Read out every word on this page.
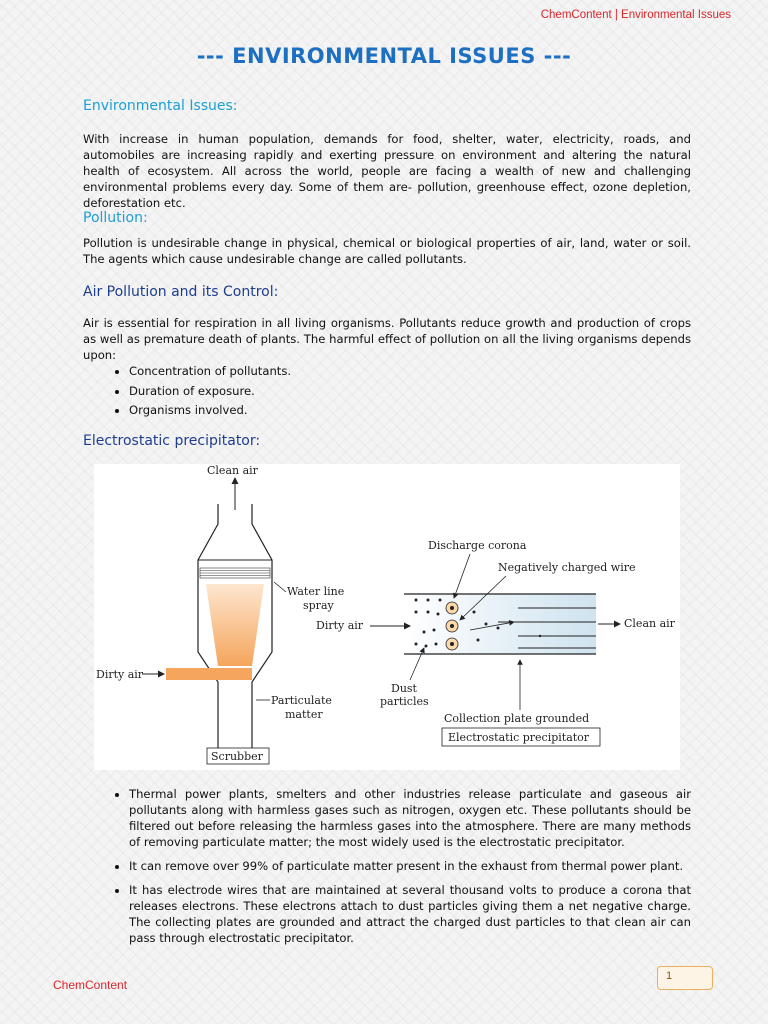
ChemContent | Environmental Issues
--- ENVIRONMENTAL ISSUES ---
Environmental Issues:
With increase in human population, demands for food, shelter, water, electricity, roads, and automobiles are increasing rapidly and exerting pressure on environment and altering the natural health of ecosystem. All across the world, people are facing a wealth of new and challenging environmental problems every day. Some of them are- pollution, greenhouse effect, ozone depletion, deforestation etc.
Pollution:
Pollution is undesirable change in physical, chemical or biological properties of air, land, water or soil. The agents which cause undesirable change are called pollutants.
Air Pollution and its Control:
Air is essential for respiration in all living organisms. Pollutants reduce growth and production of crops as well as premature death of plants. The harmful effect of pollution on all the living organisms depends upon:
• Concentration of pollutants.
• Duration of exposure.
• Organisms involved.
Electrostatic precipitator:
Clean air
Dirty air
Water line
spray
Particulate
matter
Scrubber
Clean air
Dirty air
Discharge corona
Negatively charged wire
Dust
particles
Collection plate grounded
Electrostatic precipitator
• Thermal power plants, smelters and other industries release particulate and gaseous air pollutants along with harmless gases such as nitrogen, oxygen etc. These pollutants should be filtered out before releasing the harmless gases into the atmosphere. There are many methods of removing particulate matter; the most widely used is the electrostatic precipitator.
• It can remove over 99% of particulate matter present in the exhaust from thermal power plant.
• It has electrode wires that are maintained at several thousand volts to produce a corona that releases electrons. These electrons attach to dust particles giving them a net negative charge. The collecting plates are grounded and attract the charged dust particles to that clean air can pass through electrostatic precipitator.
ChemContent
1
